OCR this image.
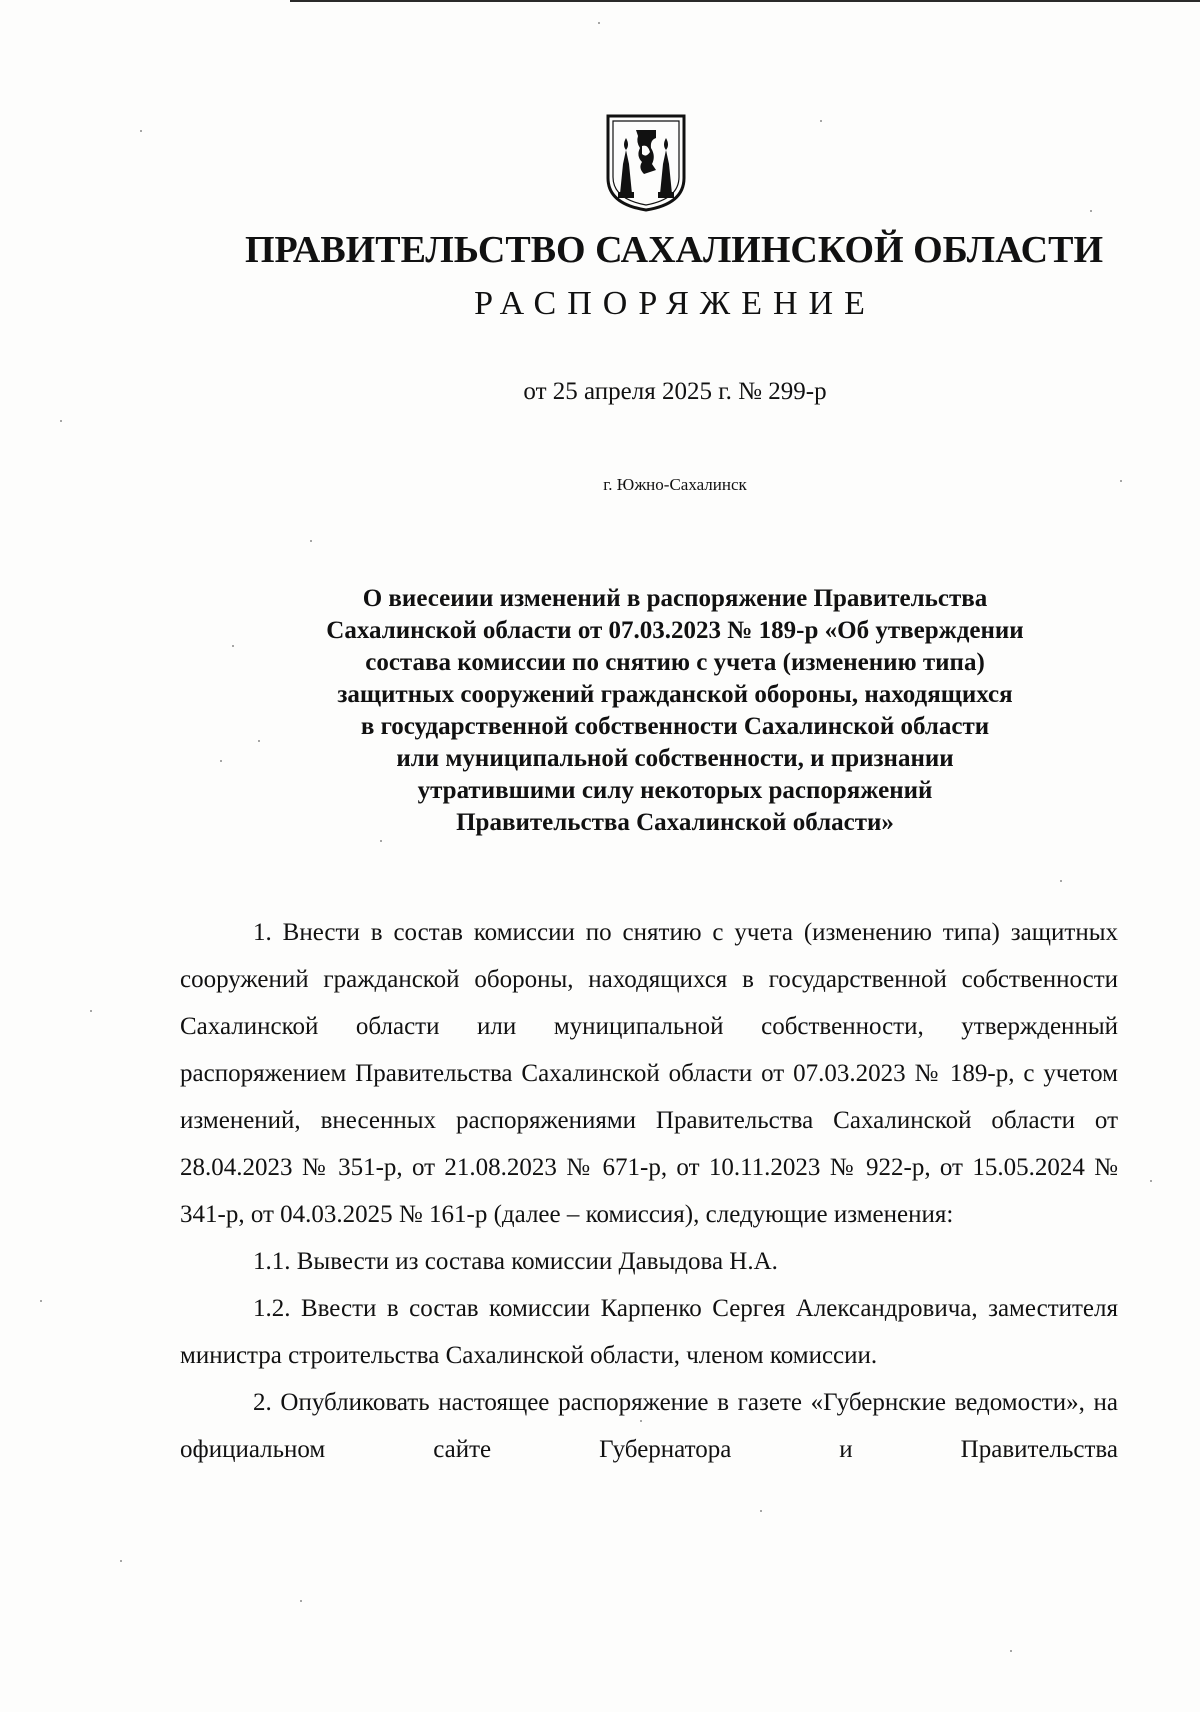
ПРАВИТЕЛЬСТВО САХАЛИНСКОЙ ОБЛАСТИ
РАСПОРЯЖЕНИЕ
от 25 апреля 2025 г. № 299-р
г. Южно-Сахалинск
О виесеиии изменений в распоряжение Правительства
Сахалинской области от 07.03.2023 № 189-р «Об утверждении
состава комиссии по снятию с учета (изменению типа)
защитных сооружений гражданской обороны, находящихся
в государственной собственности Сахалинской области
или муниципальной собственности, и признании
утратившими силу некоторых распоряжений
Правительства Сахалинской области»

1. Внести в состав комиссии по снятию с учета (изменению типа) защитных сооружений гражданской обороны, находящихся в государственной собственности Сахалинской области или муниципальной собственности, утвержденный распоряжением Правительства Сахалинской области от 07.03.2023 № 189-р, с учетом изменений, внесенных распоряжениями Правительства Сахалинской области от 28.04.2023 № 351-р, от 21.08.2023 № 671-р, от 10.11.2023 № 922-р, от 15.05.2024 № 341-р, от 04.03.2025 № 161-р (далее – комиссия), следующие изменения:

1.1. Вывести из состава комиссии Давыдова Н.А.

1.2. Ввести в состав комиссии Карпенко Сергея Александровича, заместителя министра строительства Сахалинской области, членом комиссии.

2. Опубликовать настоящее распоряжение в газете «Губернские ведомости», на официальном сайте Губернатора и Правительства
